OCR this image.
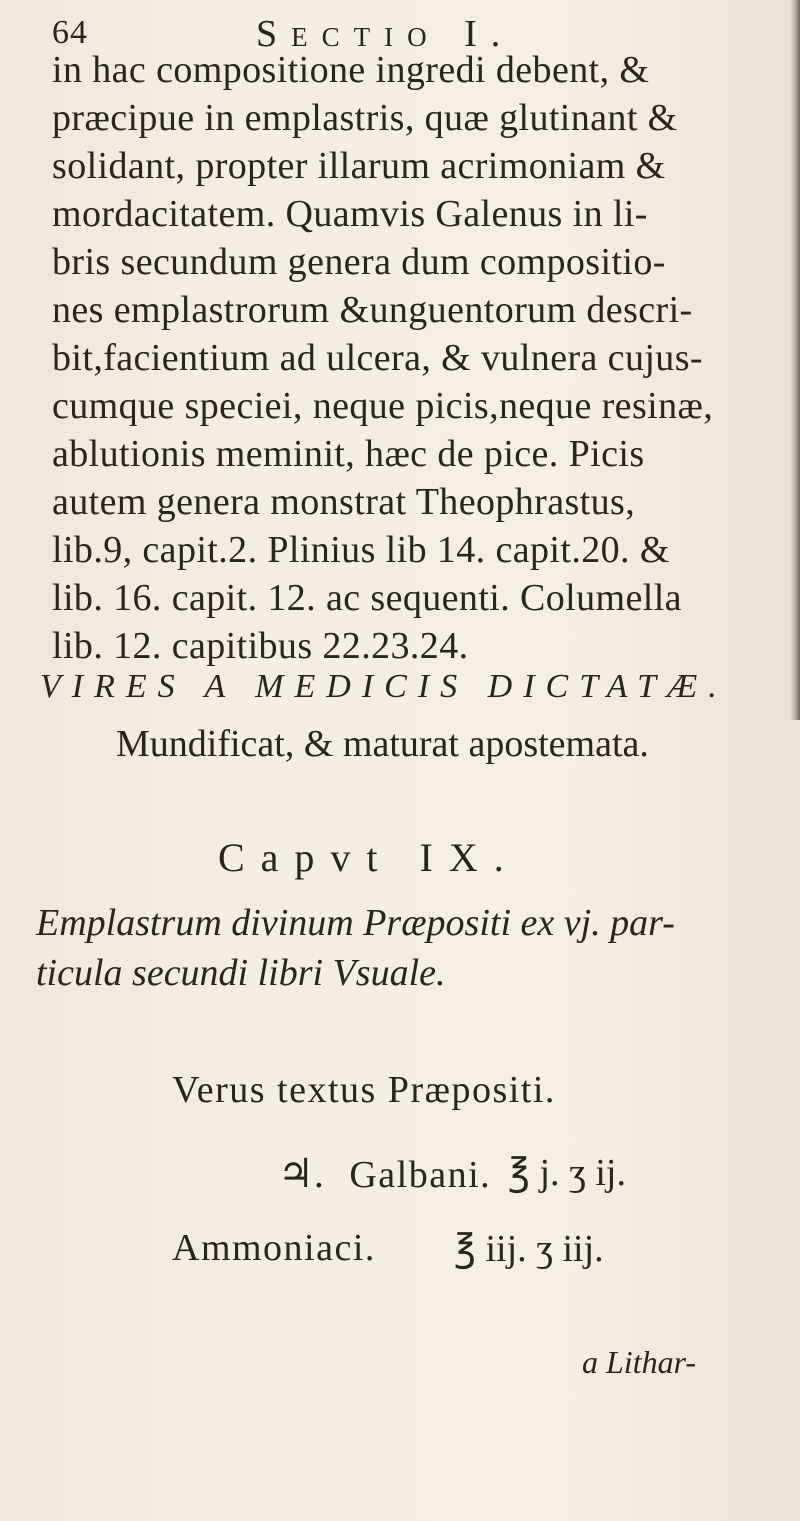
64	Sectio I.
in hac compositione ingredi debent, &
præcipue in emplastris, quæ glutinant &
solidant, propter illarum acrimoniam &
mordacitatem. Quamvis Galenus in li-
bris secundum genera dum compositio-
nes emplastrorum &unguentorum descri-
bit,facientium ad ulcera, & vulnera cujus-
cumque speciei, neque picis,neque resinæ,
ablutionis meminit, hæc de pice. Picis
autem genera monstrat Theophrastus,
lib.9, capit.2. Plinius lib 14. capit.20. &
lib. 16. capit. 12. ac sequenti. Columella
lib. 12. capitibus 22.23.24.
VIRES A MEDICIS DICTATÆ.
Mundificat, & maturat apostemata.
Capvt IX.
Emplastrum divinum Præpositi ex vj. par-
ticula secundi libri Vsuale.
Verus textus Præpositi.
♃. Galbani. ℥ j. ʒ ij.
Ammoniaci. ℥ iij. ʒ iij.
a Lithar-
